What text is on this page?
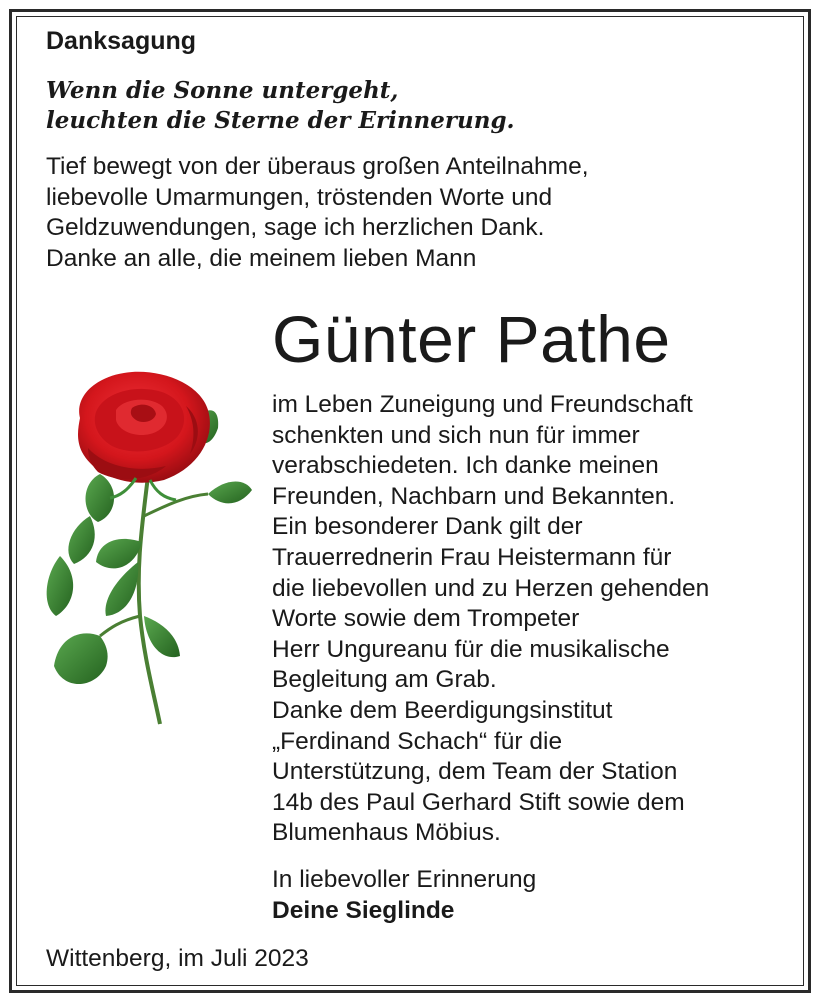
Danksagung

Wenn die Sonne untergeht,
leuchten die Sterne der Erinnerung.

Tief bewegt von der überaus großen Anteilnahme,
liebevolle Umarmungen, tröstenden Worte und
Geldzuwendungen, sage ich herzlichen Dank.
Danke an alle, die meinem lieben Mann

Günter Pathe

im Leben Zuneigung und Freundschaft
schenkten und sich nun für immer
verabschiedeten. Ich danke meinen
Freunden, Nachbarn und Bekannten.
Ein besonderer Dank gilt der
Trauerrednerin Frau Heistermann für
die liebevollen und zu Herzen gehenden
Worte sowie dem Trompeter
Herr Ungureanu für die musikalische
Begleitung am Grab.
Danke dem Beerdigungsinstitut
„Ferdinand Schach“ für die
Unterstützung, dem Team der Station
14b des Paul Gerhard Stift sowie dem
Blumenhaus Möbius.

In liebevoller Erinnerung
Deine Sieglinde

Wittenberg, im Juli 2023
